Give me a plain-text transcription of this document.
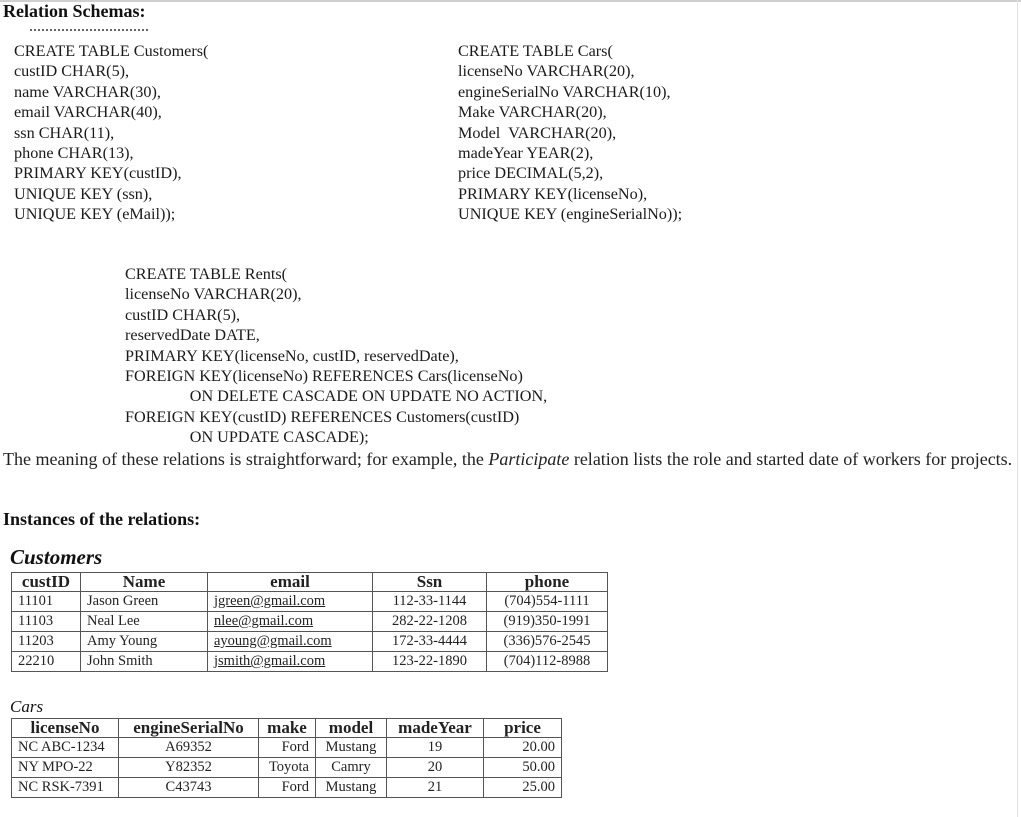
Relation Schemas:
CREATE TABLE Customers(
custID CHAR(5),
name VARCHAR(30),
email VARCHAR(40),
ssn CHAR(11),
phone CHAR(13),
PRIMARY KEY(custID),
UNIQUE KEY (ssn),
UNIQUE KEY (eMail));
CREATE TABLE Cars(
licenseNo VARCHAR(20),
engineSerialNo VARCHAR(10),
Make VARCHAR(20),
Model  VARCHAR(20),
madeYear YEAR(2),
price DECIMAL(5,2),
PRIMARY KEY(licenseNo),
UNIQUE KEY (engineSerialNo));
CREATE TABLE Rents(
licenseNo VARCHAR(20),
custID CHAR(5),
reservedDate DATE,
PRIMARY KEY(licenseNo, custID, reservedDate),
FOREIGN KEY(licenseNo) REFERENCES Cars(licenseNo)
ON DELETE CASCADE ON UPDATE NO ACTION,
FOREIGN KEY(custID) REFERENCES Customers(custID)
ON UPDATE CASCADE);
The meaning of these relations is straightforward; for example, the Participate relation lists the role and started date of workers for projects.
Instances of the relations:
Customers
custID	Name	email	Ssn	phone
11101	Jason Green	jgreen@gmail.com	112-33-1144	(704)554-1111
11103	Neal Lee	nlee@gmail.com	282-22-1208	(919)350-1991
11203	Amy Young	ayoung@gmail.com	172-33-4444	(336)576-2545
22210	John Smith	jsmith@gmail.com	123-22-1890	(704)112-8988
Cars
licenseNo	engineSerialNo	make	model	madeYear	price
NC ABC-1234	A69352	Ford	Mustang	19	20.00
NY MPO-22	Y82352	Toyota	Camry	20	50.00
NC RSK-7391	C43743	Ford	Mustang	21	25.00
